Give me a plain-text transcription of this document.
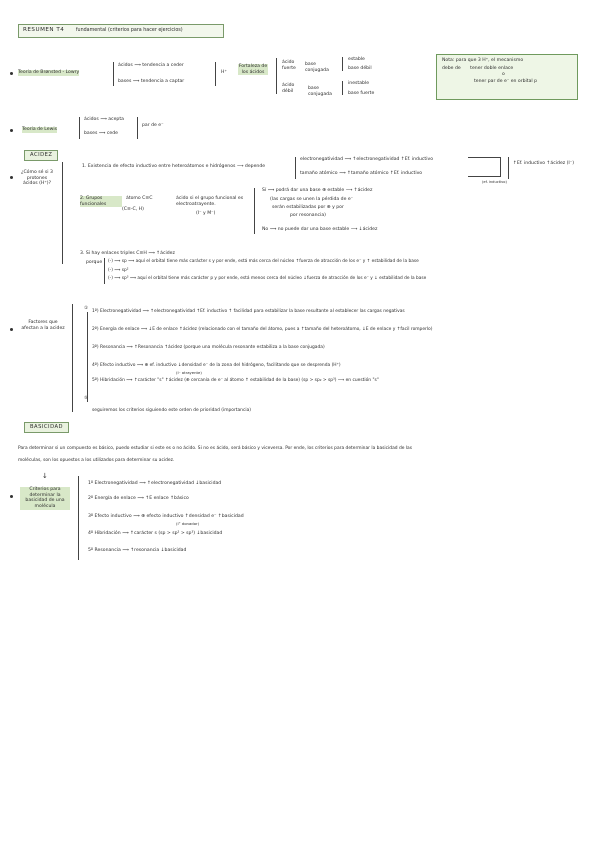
RESUMEN T4 fundamental (criterios para hacer ejercicios)
Teoría de Brønsted - Lowry
ácidos ⟿ tendencia a ceder
bases ⟿ tendencia a captar
H⁺
Fortaleza de los ácidos
ácido fuerte
ácido débil
base conjugada
base conjugada
estable
base débil
inestable
base fuerte
Nota: para que 3 H⁺, el mecanismo
debe de tener doble enlace
o
tener par de e⁻ en orbital p
Teoría de Lewis
ácidos ⟿ acepta
bases ⟿ cede
par de e⁻
ACIDEZ
¿Cómo sé si 3 protones ácidos (H⁺)?
1. Existencia de efecto inductivo entre heteroátomos e hidrógenos ⟶ depende
electronegatividad ⟿ ↑electronegatividad ↑Ef. inductivo
tamaño atómico ⟿ ↑tamaño atómico ↑Ef. inductivo
(ef. inductivo)
↑Ef. inductivo ↑ácidez (I⁻)
2. Grupos funcionales
átomo C≡C
(C≡-C, H)
ácido si el grupo funcional es electroatrayente.
(I⁻ y M⁻)
Sí ⟿ podrá dar una base ⊕ estable ⟶ ↑ácidez
(las cargas se unen la pérdida de e⁻
serán estabilizadas por ⊕ y por
por resonancia)
No ⟿ no puede dar una base estable ⟶ ↓ácidez
3. Si hay enlaces triples C≡H ⟿ ↑ácidez
porque (-) ⟿ sp ⟿ aquí el orbital tiene más carácter s y por ende, está más cerca del núcleo ↑fuerza de atracción de los e⁻ y ↑ estabilidad de la base
(-) ⟿ sp²
(-) ⟿ sp³ ⟿ aquí el orbital tiene más carácter p y por ende, está menos cerca del núcleo ↓fuerza de atracción de los e⁻ y ↓ estabilidad de la base
Factores que afectan a la acidez
①
1º) Electronegatividad ⟿ ↑electronegatividad ↑Ef. inductivo ↑ facilidad para estabilizar la base resultante al establecer las cargas negativas
2º) Energía de enlace ⟿ ↓E de enlace ↑ácidez (relacionado con el tamaño del átomo, pues a ↑tamaño del heteroátomo, ↓E de enlace y ↑facil romperlo)
3º) Resonancia ⟿ ↑Resonancia ↑ácidez (porque una molécula resonante estabiliza a la base conjugada)
4º) Efecto inductivo ⟿ ⊕ ef. inductivo ↓densidad e⁻ de la zona del hidrógeno, facilitando que se desprenda (H⁺)
(I⁻ atrayente)
5º) Hibridación ⟿ ↑carácter "s" ↑ácidez (⊕ cercanía de e⁻ al átomo ↑ estabilidad de la base) (sp > sp₂ > sp³) ⟶ en cuestión "s"
⑤
seguiremos los criterios siguiendo este orden de prioridad (importancia)
BASICIDAD
Para determinar si un compuesto es básico, puedo estudiar si este es o no ácido. Si no es ácido, será básico y viceversa. Por ende, los criterios para determinar la basicidad de las
moléculas, son los opuestos a los utilizados para determinar su acidez.
↓
Criterios para determinar la basicidad de una molécula
1º Electronegatividad ⟿ ↑electronegatividad ↓basicidad
2º Energía de enlace ⟿ ↑E enlace ↑básico
3º Efecto inductivo ⟿ ⊕ efecto inductivo ↑densidad e⁻ ↑basicidad
(I⁺ donador)
4º Hibridación ⟿ ↑carácter s (sp > sp² > sp³) ↓basicidad
5º Resonancia ⟿ ↑resonancia ↓basicidad
